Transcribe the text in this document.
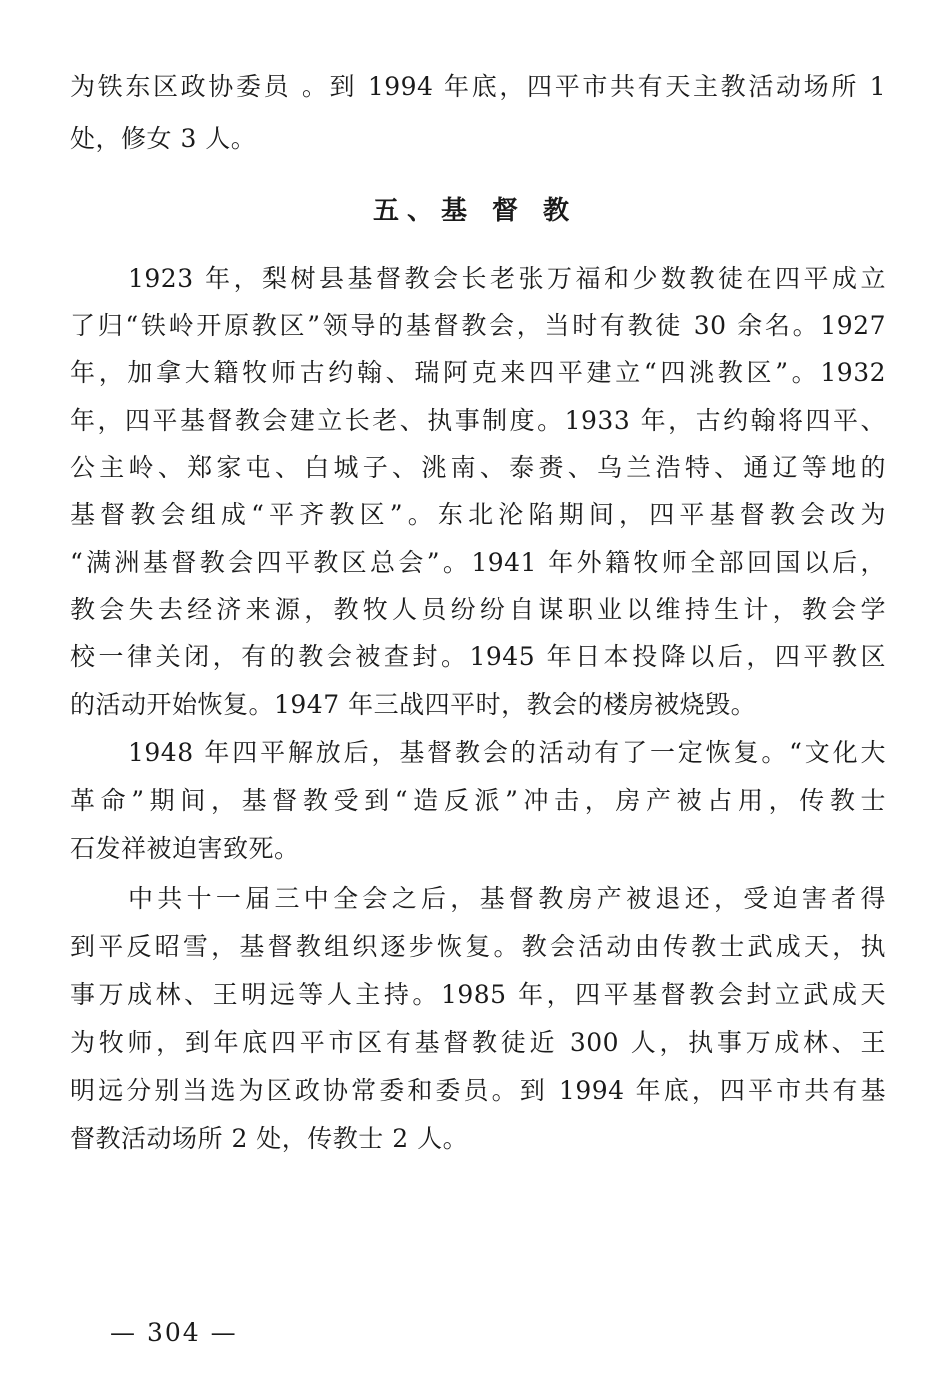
为铁东区政协委员 。到 1994 年底，四平市共有天主教活动场所 1
处，修女 3 人。
五、基 督 教
1923 年，梨树县基督教会长老张万福和少数教徒在四平成立
了归“铁岭开原教区”领导的基督教会，当时有教徒 30 余名。1927
年，加拿大籍牧师古约翰、瑞阿克来四平建立“四洮教区”。1932
年，四平基督教会建立长老、执事制度。1933 年，古约翰将四平、
公主岭、郑家屯、白城子、洮南、泰赉、乌兰浩特、通辽等地的
基督教会组成“平齐教区”。东北沦陷期间，四平基督教会改为
“满洲基督教会四平教区总会”。1941 年外籍牧师全部回国以后，
教会失去经济来源，教牧人员纷纷自谋职业以维持生计，教会学
校一律关闭，有的教会被查封。1945 年日本投降以后，四平教区
的活动开始恢复。1947 年三战四平时，教会的楼房被烧毁。
1948 年四平解放后，基督教会的活动有了一定恢复。“文化大
革命”期间，基督教受到“造反派”冲击，房产被占用，传教士
石发祥被迫害致死。
中共十一届三中全会之后，基督教房产被退还，受迫害者得
到平反昭雪，基督教组织逐步恢复。教会活动由传教士武成天，执
事万成林、王明远等人主持。1985 年，四平基督教会封立武成天
为牧师，到年底四平市区有基督教徒近 300 人，执事万成林、王
明远分别当选为区政协常委和委员。到 1994 年底，四平市共有基
督教活动场所 2 处，传教士 2 人。
— 304 —
